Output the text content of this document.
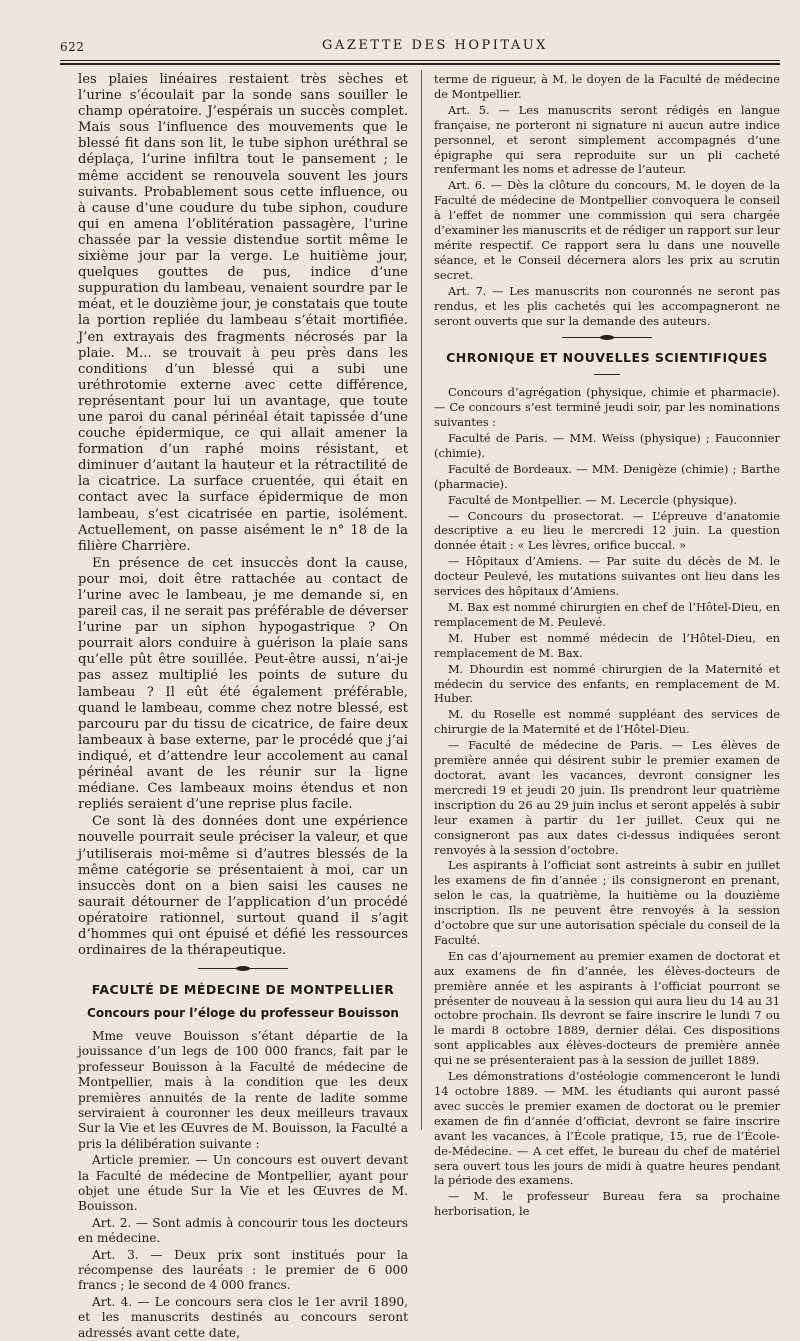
622	GAZETTE DES HOPITAUX

les plaies linéaires restaient très sèches et l’urine s’écoulait par la sonde sans souiller le champ opératoire. J’espérais un succès complet. Mais sous l’influence des mouvements que le blessé fit dans son lit, le tube siphon uréthral se déplaça, l’urine infiltra tout le pansement ; le même accident se renouvela souvent les jours suivants. Probablement sous cette influence, ou à cause d’une coudure du tube siphon, coudure qui en amena l’oblitération passagère, l’urine chassée par la vessie distendue sortit même le sixième jour par la verge. Le huitième jour, quelques gouttes de pus, indice d’une suppuration du lambeau, venaient sourdre par le méat, et le douzième jour, je constatais que toute la portion repliée du lambeau s’était mortifiée. J’en extrayais des fragments nécrosés par la plaie. M... se trouvait à peu près dans les conditions d’un blessé qui a subi une uréthrotomie externe avec cette différence, représentant pour lui un avantage, que toute une paroi du canal périnéal était tapissée d’une couche épidermique, ce qui allait amener la formation d’un raphé moins résistant, et diminuer d’autant la hauteur et la rétractilité de la cicatrice. La surface cruentée, qui était en contact avec la surface épidermique de mon lambeau, s’est cicatrisée en partie, isolément. Actuellement, on passe aisément le n° 18 de la filière Charrière.

En présence de cet insuccès dont la cause, pour moi, doit être rattachée au contact de l’urine avec le lambeau, je me demande si, en pareil cas, il ne serait pas préférable de déverser l’urine par un siphon hypogastrique ? On pourrait alors conduire à guérison la plaie sans qu’elle pût être souillée. Peut-être aussi, n’ai-je pas assez multiplié les points de suture du lambeau ? Il eût été également préférable, quand le lambeau, comme chez notre blessé, est parcouru par du tissu de cicatrice, de faire deux lambeaux à base externe, par le procédé que j’ai indiqué, et d’attendre leur accolement au canal périnéal avant de les réunir sur la ligne médiane. Ces lambeaux moins étendus et non repliés seraient d’une reprise plus facile.

Ce sont là des données dont une expérience nouvelle pourrait seule préciser la valeur, et que j’utiliserais moi-même si d’autres blessés de la même catégorie se présentaient à moi, car un insuccès dont on a bien saisi les causes ne saurait détourner de l’application d’un procédé opératoire rationnel, surtout quand il s’agit d’hommes qui ont épuisé et défié les ressources ordinaires de la thérapeutique.

FACULTÉ DE MÉDECINE DE MONTPELLIER
Concours pour l’éloge du professeur Bouisson

Mme veuve Bouisson s’étant départie de la jouissance d’un legs de 100 000 francs, fait par le professeur Bouisson à la Faculté de médecine de Montpellier, mais à la condition que les deux premières annuités de la rente de ladite somme serviraient à couronner les deux meilleurs travaux Sur la Vie et les Œuvres de M. Bouisson, la Faculté a pris la délibération suivante :

Article premier. — Un concours est ouvert devant la Faculté de médecine de Montpellier, ayant pour objet une étude Sur la Vie et les Œuvres de M. Bouisson.

Art. 2. — Sont admis à concourir tous les docteurs en médecine.

Art. 3. — Deux prix sont institués pour la récompense des lauréats : le premier de 6 000 francs ; le second de 4 000 francs.

Art. 4. — Le concours sera clos le 1er avril 1890, et les manuscrits destinés au concours seront adressés avant cette date,

terme de rigueur, à M. le doyen de la Faculté de médecine de Montpellier.

Art. 5. — Les manuscrits seront rédigés en langue française, ne porteront ni signature ni aucun autre indice personnel, et seront simplement accompagnés d’une épigraphe qui sera reproduite sur un pli cacheté renfermant les noms et adresse de l’auteur.

Art. 6. — Dès la clôture du concours, M. le doyen de la Faculté de médecine de Montpellier convoquera le conseil à l’effet de nommer une commission qui sera chargée d’examiner les manuscrits et de rédiger un rapport sur leur mérite respectif. Ce rapport sera lu dans une nouvelle séance, et le Conseil décernera alors les prix au scrutin secret.

Art. 7. — Les manuscrits non couronnés ne seront pas rendus, et les plis cachetés qui les accompagneront ne seront ouverts que sur la demande des auteurs.

CHRONIQUE ET NOUVELLES SCIENTIFIQUES

Concours d’agrégation (physique, chimie et pharmacie). — Ce concours s’est terminé jeudi soir, par les nominations suivantes :

Faculté de Paris. — MM. Weiss (physique) ; Fauconnier (chimie).

Faculté de Bordeaux. — MM. Denigèze (chimie) ; Barthe (pharmacie).

Faculté de Montpellier. — M. Lecercle (physique).

— Concours du prosectorat. — L’épreuve d’anatomie descriptive a eu lieu le mercredi 12 juin. La question donnée était : « Les lèvres, orifice buccal. »

— Hôpitaux d’Amiens. — Par suite du décès de M. le docteur Peulevé, les mutations suivantes ont lieu dans les services des hôpitaux d’Amiens.

M. Bax est nommé chirurgien en chef de l’Hôtel-Dieu, en remplacement de M. Peulevé.

M. Huber est nommé médecin de l’Hôtel-Dieu, en remplacement de M. Bax.

M. Dhourdin est nommé chirurgien de la Maternité et médecin du service des enfants, en remplacement de M. Huber.

M. du Roselle est nommé suppléant des services de chirurgie de la Maternité et de l’Hôtel-Dieu.

— Faculté de médecine de Paris. — Les élèves de première année qui désirent subir le premier examen de doctorat, avant les vacances, devront consigner les mercredi 19 et jeudi 20 juin. Ils prendront leur quatrième inscription du 26 au 29 juin inclus et seront appelés à subir leur examen à partir du 1er juillet. Ceux qui ne consigneront pas aux dates ci-dessus indiquées seront renvoyés à la session d’octobre.

Les aspirants à l’officiat sont astreints à subir en juillet les examens de fin d’année ; ils consigneront en prenant, selon le cas, la quatrième, la huitième ou la douzième inscription. Ils ne peuvent être renvoyés à la session d’octobre que sur une autorisation spéciale du conseil de la Faculté.

En cas d’ajournement au premier examen de doctorat et aux examens de fin d’année, les élèves-docteurs de première année et les aspirants à l’officiat pourront se présenter de nouveau à la session qui aura lieu du 14 au 31 octobre prochain. Ils devront se faire inscrire le lundi 7 ou le mardi 8 octobre 1889, dernier délai. Ces dispositions sont applicables aux élèves-docteurs de première année qui ne se présenteraient pas à la session de juillet 1889.

Les démonstrations d’ostéologie commenceront le lundi 14 octobre 1889. — MM. les étudiants qui auront passé avec succès le premier examen de doctorat ou le premier examen de fin d’année d’officiat, devront se faire inscrire avant les vacances, à l’École pratique, 15, rue de l’École-de-Médecine. — A cet effet, le bureau du chef de matériel sera ouvert tous les jours de midi à quatre heures pendant la période des examens.

— M. le professeur Bureau fera sa prochaine herborisation, le
